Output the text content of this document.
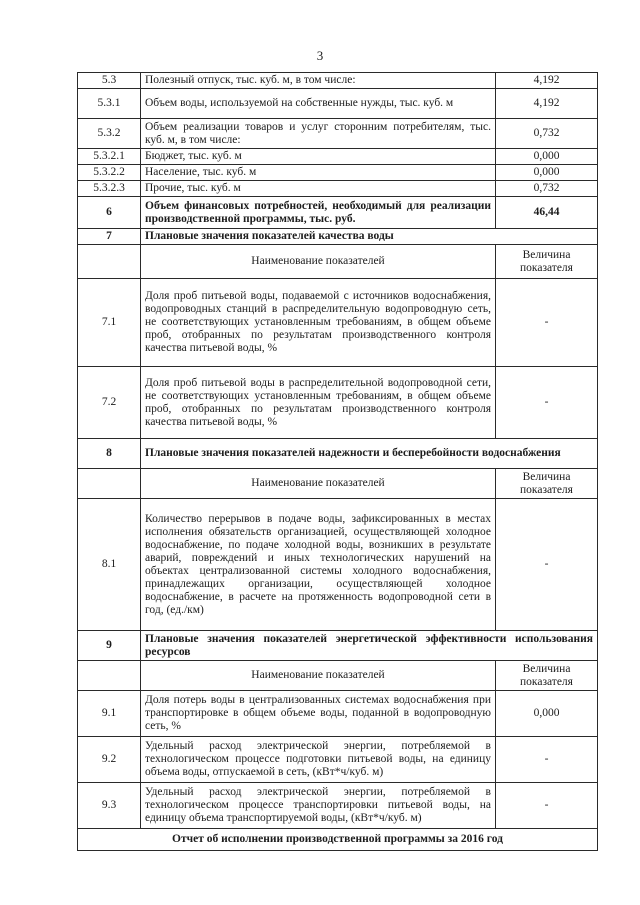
3
5.3	Полезный отпуск, тыс. куб. м, в том числе:	4,192
5.3.1	Объем воды, используемой на собственные нужды, тыс. куб. м	4,192
5.3.2	Объем реализации товаров и услуг сторонним потребителям, тыс. куб. м, в том числе:	0,732
5.3.2.1	Бюджет, тыс. куб. м	0,000
5.3.2.2	Население, тыс. куб. м	0,000
5.3.2.3	Прочие, тыс. куб. м	0,732
6	Объем финансовых потребностей, необходимый для реализации производственной программы, тыс. руб.	46,44
7	Плановые значения показателей качества воды	
	Наименование показателей	Величина показателя
7.1	Доля проб питьевой воды, подаваемой с источников водоснабжения, водопроводных станций в распределительную водопроводную сеть, не соответствующих установленным требованиям, в общем объеме проб, отобранных по результатам производственного контроля качества питьевой воды, %	-
7.2	Доля проб питьевой воды в распределительной водопроводной сети, не соответствующих установленным требованиям, в общем объеме проб, отобранных по результатам производственного контроля качества питьевой воды, %	-
8	Плановые значения показателей надежности и бесперебойности водоснабжения	
	Наименование показателей	Величина показателя
8.1	Количество перерывов в подаче воды, зафиксированных в местах исполнения обязательств организацией, осуществляющей холодное водоснабжение, по подаче холодной воды, возникших в результате аварий, повреждений и иных технологических нарушений на объектах централизованной системы холодного водоснабжения, принадлежащих организации, осуществляющей холодное водоснабжение, в расчете на протяженность водопроводной сети в год, (ед./км)	-
9	Плановые значения показателей энергетической эффективности использования ресурсов	
	Наименование показателей	Величина показателя
9.1	Доля потерь воды в централизованных системах водоснабжения при транспортировке в общем объеме воды, поданной в водопроводную сеть, %	0,000
9.2	Удельный расход электрической энергии, потребляемой в технологическом процессе подготовки питьевой воды, на единицу объема воды, отпускаемой в сеть, (кВт*ч/куб. м)	-
9.3	Удельный расход электрической энергии, потребляемой в технологическом процессе транспортировки питьевой воды, на единицу объема транспортируемой воды, (кВт*ч/куб. м)	-
Отчет об исполнении производственной программы за 2016 год		
